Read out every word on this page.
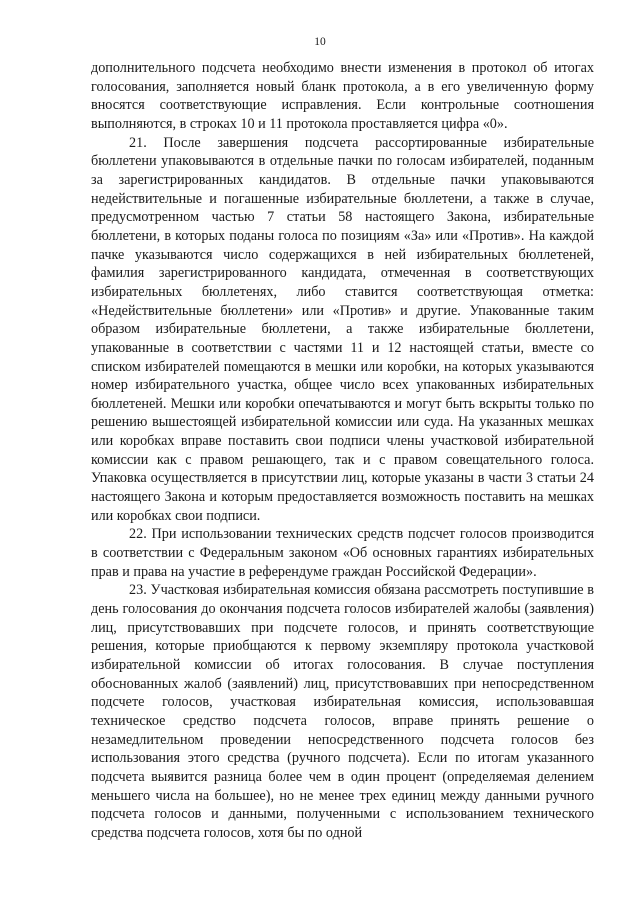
10

дополнительного подсчета необходимо внести изменения в протокол об итогах голосования, заполняется новый бланк протокола, а в его увеличенную форму вносятся соответствующие исправления. Если контрольные соотношения выполняются, в строках 10 и 11 протокола проставляется цифра «0».

21. После завершения подсчета рассортированные избирательные бюллетени упаковываются в отдельные пачки по голосам избирателей, поданным за зарегистрированных кандидатов. В отдельные пачки упаковываются недействительные и погашенные избирательные бюллетени, а также в случае, предусмотренном частью 7 статьи 58 настоящего Закона, избирательные бюллетени, в которых поданы голоса по позициям «За» или «Против». На каждой пачке указываются число содержащихся в ней избирательных бюллетеней, фамилия зарегистрированного кандидата, отмеченная в соответствующих избирательных бюллетенях, либо ставится соответствующая отметка: «Недействительные бюллетени» или «Против» и другие. Упакованные таким образом избирательные бюллетени, а также избирательные бюллетени, упакованные в соответствии с частями 11 и 12 настоящей статьи, вместе со списком избирателей помещаются в мешки или коробки, на которых указываются номер избирательного участка, общее число всех упакованных избирательных бюллетеней. Мешки или коробки опечатываются и могут быть вскрыты только по решению вышестоящей избирательной комиссии или суда. На указанных мешках или коробках вправе поставить свои подписи члены участковой избирательной комиссии как с правом решающего, так и с правом совещательного голоса. Упаковка осуществляется в присутствии лиц, которые указаны в части 3 статьи 24 настоящего Закона и которым предоставляется возможность поставить на мешках или коробках свои подписи.

22. При использовании технических средств подсчет голосов производится в соответствии с Федеральным законом «Об основных гарантиях избирательных прав и права на участие в референдуме граждан Российской Федерации».

23. Участковая избирательная комиссия обязана рассмотреть поступившие в день голосования до окончания подсчета голосов избирателей жалобы (заявления) лиц, присутствовавших при подсчете голосов, и принять соответствующие решения, которые приобщаются к первому экземпляру протокола участковой избирательной комиссии об итогах голосования. В случае поступления обоснованных жалоб (заявлений) лиц, присутствовавших при непосредственном подсчете голосов, участковая избирательная комиссия, использовавшая техническое средство подсчета голосов, вправе принять решение о незамедлительном проведении непосредственного подсчета голосов без использования этого средства (ручного подсчета). Если по итогам указанного подсчета выявится разница более чем в один процент (определяемая делением меньшего числа на большее), но не менее трех единиц между данными ручного подсчета голосов и данными, полученными с использованием технического средства подсчета голосов, хотя бы по одной
